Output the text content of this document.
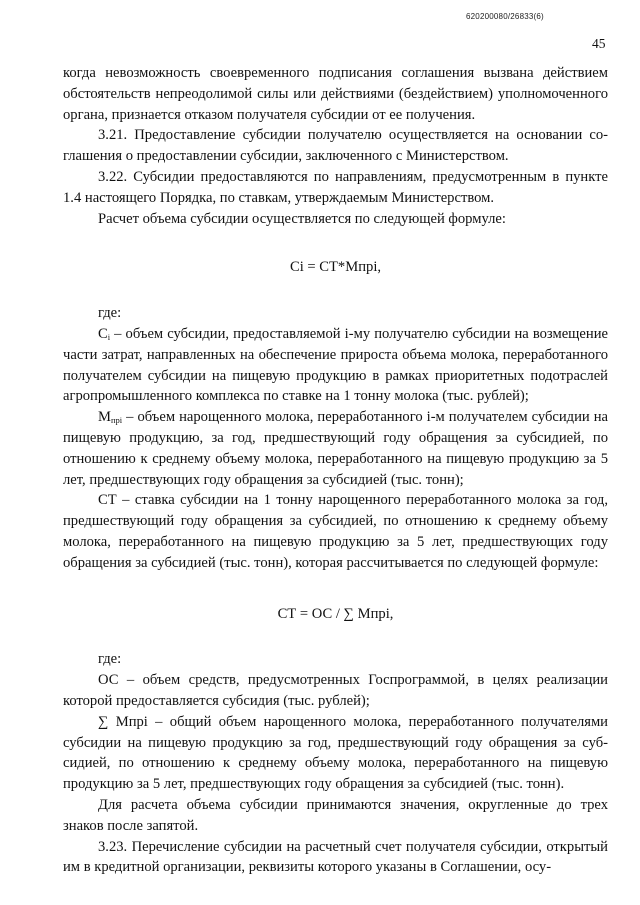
620200080/26833(6)
45

когда невозможность своевременного подписания соглашения вызвана действием обстоятельств непреодолимой силы или действиями (бездействием) уполномоченного органа, признается отказом получателя субсидии от ее получения.

3.21. Предоставление субсидии получателю осуществляется на основании соглашения о предоставлении субсидии, заключенного с Министерством.

3.22. Субсидии предоставляются по направлениям, предусмотренным в пункте 1.4 настоящего Порядка, по ставкам, утверждаемым Министерством.

Расчет объема субсидии осуществляется по следующей формуле:

Ci = СТ*Мпрi,

где:

$С_i$ – объем субсидии, предоставляемой i-му получателю субсидии на возмещение части затрат, направленных на обеспечение прироста объема молока, переработанного получателем субсидии на пищевую продукцию в рамках приоритетных подотраслей агропромышленного комплекса по ставке на 1 тонну молока (тыс. рублей);

$М_{прi}$ – объем нарощенного молока, переработанного i-м получателем субсидии на пищевую продукцию, за год, предшествующий году обращения за субсидией, по отношению к среднему объему молока, переработанного на пищевую продукцию за 5 лет, предшествующих году обращения за субсидией (тыс. тонн);

СТ – ставка субсидии на 1 тонну нарощенного переработанного молока за год, предшествующий году обращения за субсидией, по отношению к среднему объему молока, переработанного на пищевую продукцию за 5 лет, предшествующих году обращения за субсидией (тыс. тонн), которая рассчитывается по следующей формуле:

СТ = ОС / ∑ Мпрi,

где:

ОС – объем средств, предусмотренных Госпрограммой, в целях реализации которой предоставляется субсидия (тыс. рублей);

∑ Мпрi – общий объем нарощенного молока, переработанного получателями субсидии на пищевую продукцию за год, предшествующий году обращения за субсидией, по отношению к среднему объему молока, переработанного на пищевую продукцию за 5 лет, предшествующих году обращения за субсидией (тыс. тонн).

Для расчета объема субсидии принимаются значения, округленные до трех знаков после запятой.

3.23. Перечисление субсидии на расчетный счет получателя субсидии, открытый им в кредитной организации, реквизиты которого указаны в Соглашении, осу-
